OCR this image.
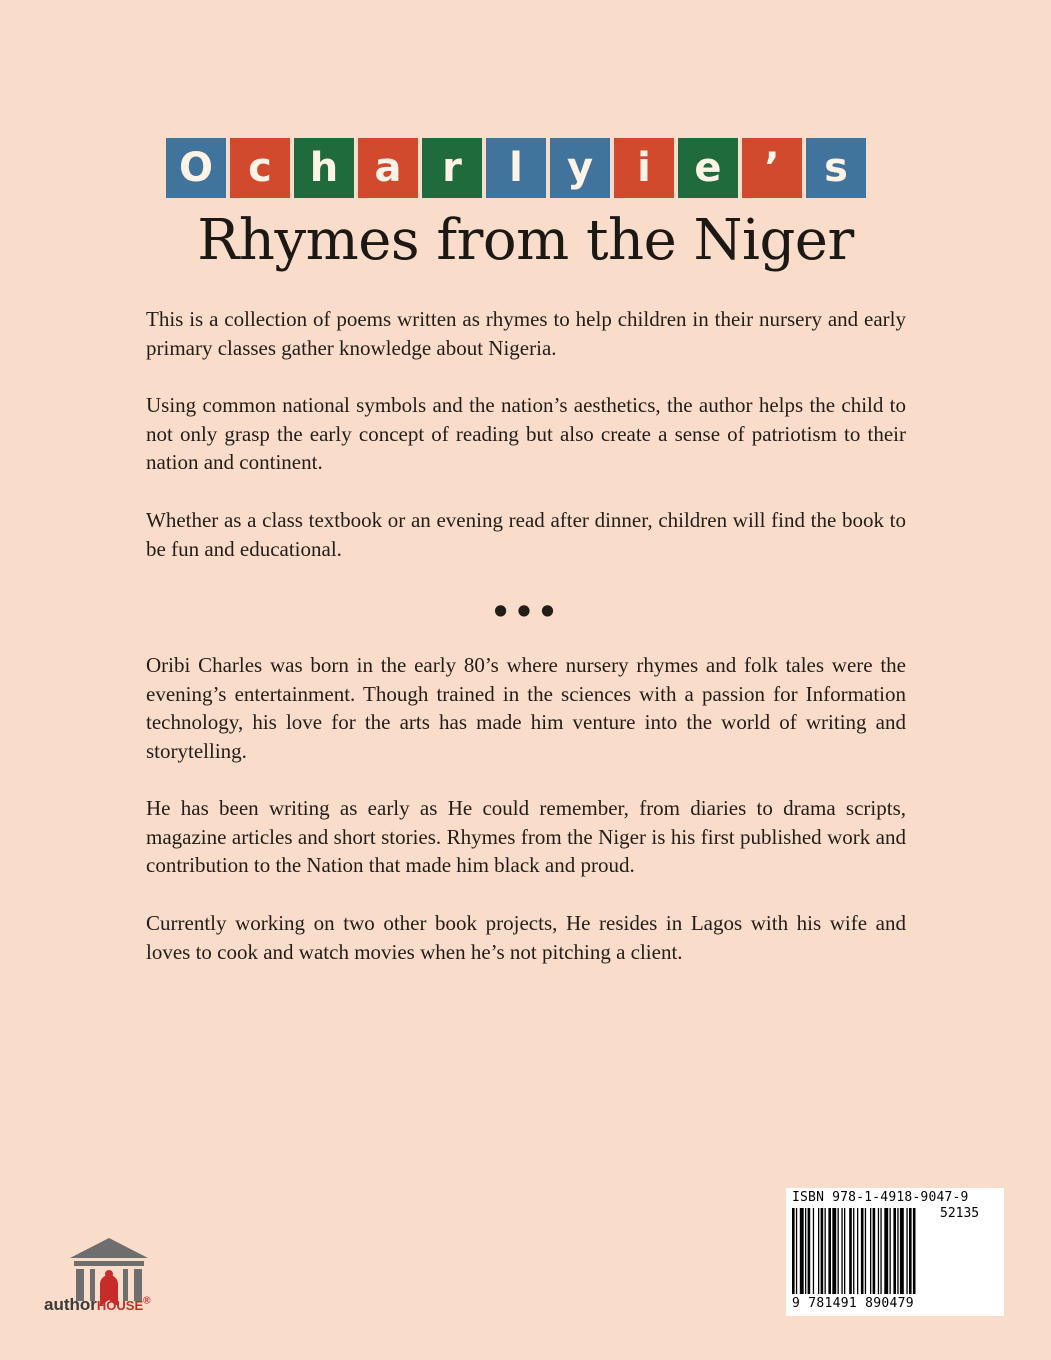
O c h a	r	l	y	i	e	’	s
Rhymes from the Niger

This is a collection of poems written as rhymes to help children in their nursery and early primary classes gather knowledge about Nigeria.

Using common national symbols and the nation’s aesthetics, the author helps the child to not only grasp the early concept of reading but also create a sense of patriotism to their nation and continent.

Whether as a class textbook or an evening read after dinner, children will find the book to be fun and educational.

•••

Oribi Charles was born in the early 80’s where nursery rhymes and folk tales were the evening’s entertainment. Though trained in the sciences with a passion for Information technology, his love for the arts has made him venture into the world of writing and storytelling.

He has been writing as early as He could remember, from diaries to drama scripts, magazine articles and short stories. Rhymes from the Niger is his first published work and contribution to the Nation that made him black and proud.

Currently working on two other book projects, He resides in Lagos with his wife and loves to cook and watch movies when he’s not pitching a client.

authorHOUSE®
ISBN 978-1-4918-9047-9
52135
9 781491 890479
